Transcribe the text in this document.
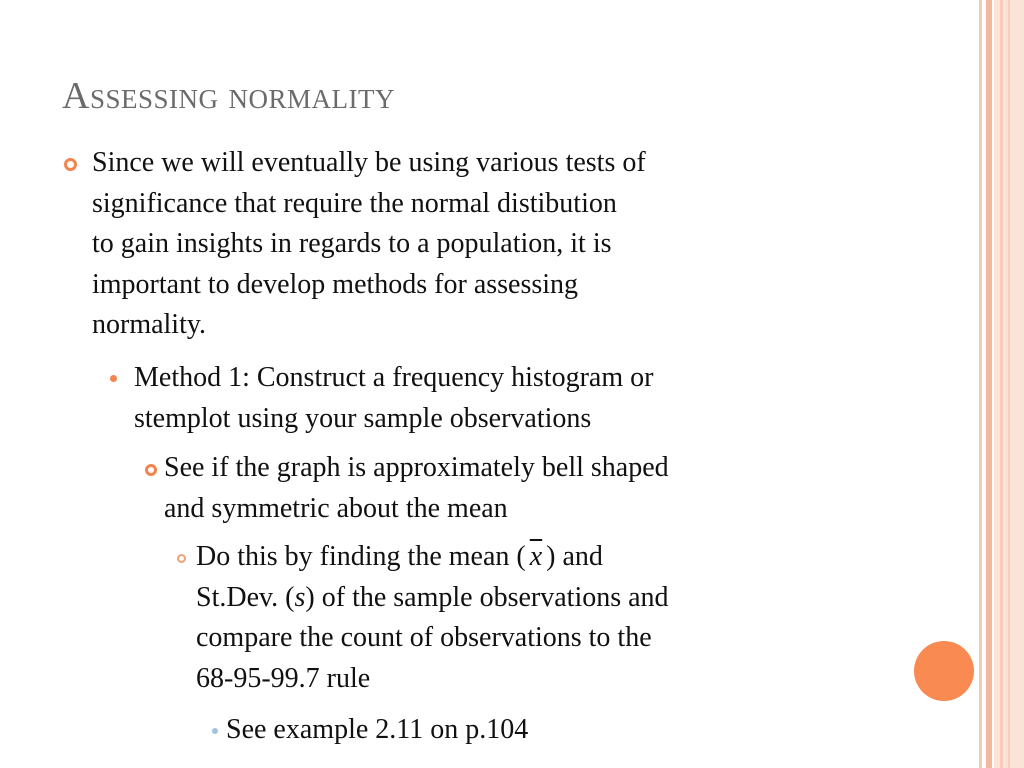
Assessing normality
Since we will eventually be using various tests of
significance that require the normal distibution
to gain insights in regards to a population, it is
important to develop methods for assessing
normality.
Method 1: Construct a frequency histogram or
stemplot using your sample observations
See if the graph is approximately bell shaped
and symmetric about the mean
Do this by finding the mean ( $\overline{x}$ ) and
St.Dev. (s) of the sample observations and
compare the count of observations to the
68-95-99.7 rule
See example 2.11 on p.104
